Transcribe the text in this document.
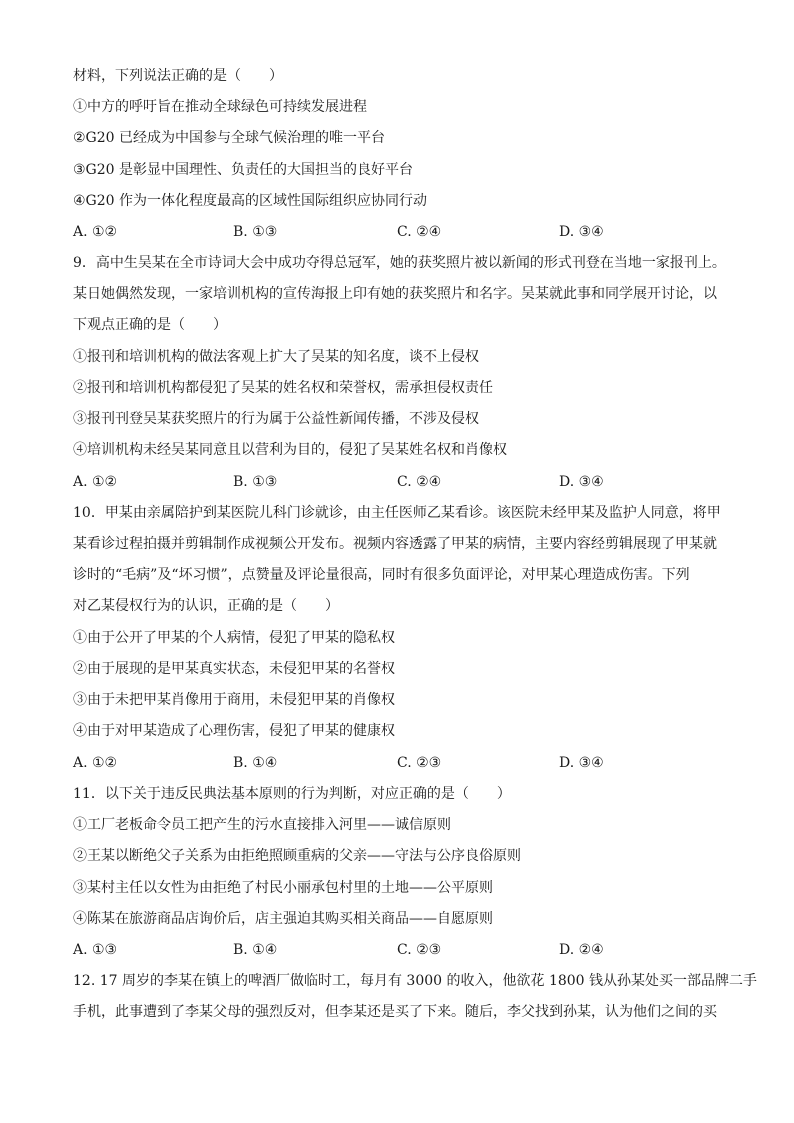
材料，下列说法正确的是（　　）
①中方的呼吁旨在推动全球绿色可持续发展进程
②G20 已经成为中国参与全球气候治理的唯一平台
③G20 是彰显中国理性、负责任的大国担当的良好平台
④G20 作为一体化程度最高的区域性国际组织应协同行动
A. ①②	B. ①③	C. ②④	D. ③④
9．高中生吴某在全市诗词大会中成功夺得总冠军，她的获奖照片被以新闻的形式刊登在当地一家报刊上。
某日她偶然发现，一家培训机构的宣传海报上印有她的获奖照片和名字。吴某就此事和同学展开讨论，以
下观点正确的是（　　）
①报刊和培训机构的做法客观上扩大了吴某的知名度，谈不上侵权
②报刊和培训机构都侵犯了吴某的姓名权和荣誉权，需承担侵权责任
③报刊刊登吴某获奖照片的行为属于公益性新闻传播，不涉及侵权
④培训机构未经吴某同意且以营利为目的，侵犯了吴某姓名权和肖像权
A. ①②	B. ①③	C. ②④	D. ③④
10．甲某由亲属陪护到某医院儿科门诊就诊，由主任医师乙某看诊。该医院未经甲某及监护人同意，将甲
某看诊过程拍摄并剪辑制作成视频公开发布。视频内容透露了甲某的病情，主要内容经剪辑展现了甲某就
诊时的“毛病”及“坏习惯”，点赞量及评论量很高，同时有很多负面评论，对甲某心理造成伤害。下列
对乙某侵权行为的认识，正确的是（　　）
①由于公开了甲某的个人病情，侵犯了甲某的隐私权
②由于展现的是甲某真实状态，未侵犯甲某的名誉权
③由于未把甲某肖像用于商用，未侵犯甲某的肖像权
④由于对甲某造成了心理伤害，侵犯了甲某的健康权
A. ①②	B. ①④	C. ②③	D. ③④
11．以下关于违反民典法基本原则的行为判断，对应正确的是（　　）
①工厂老板命令员工把产生的污水直接排入河里——诚信原则
②王某以断绝父子关系为由拒绝照顾重病的父亲——守法与公序良俗原则
③某村主任以女性为由拒绝了村民小丽承包村里的土地——公平原则
④陈某在旅游商品店询价后，店主强迫其购买相关商品——自愿原则
A. ①③	B. ①④	C. ②③	D. ②④
12. 17 周岁的李某在镇上的啤酒厂做临时工，每月有 3000 的收入，他欲花 1800 钱从孙某处买一部品牌二手
手机，此事遭到了李某父母的强烈反对，但李某还是买了下来。随后，李父找到孙某，认为他们之间的买
